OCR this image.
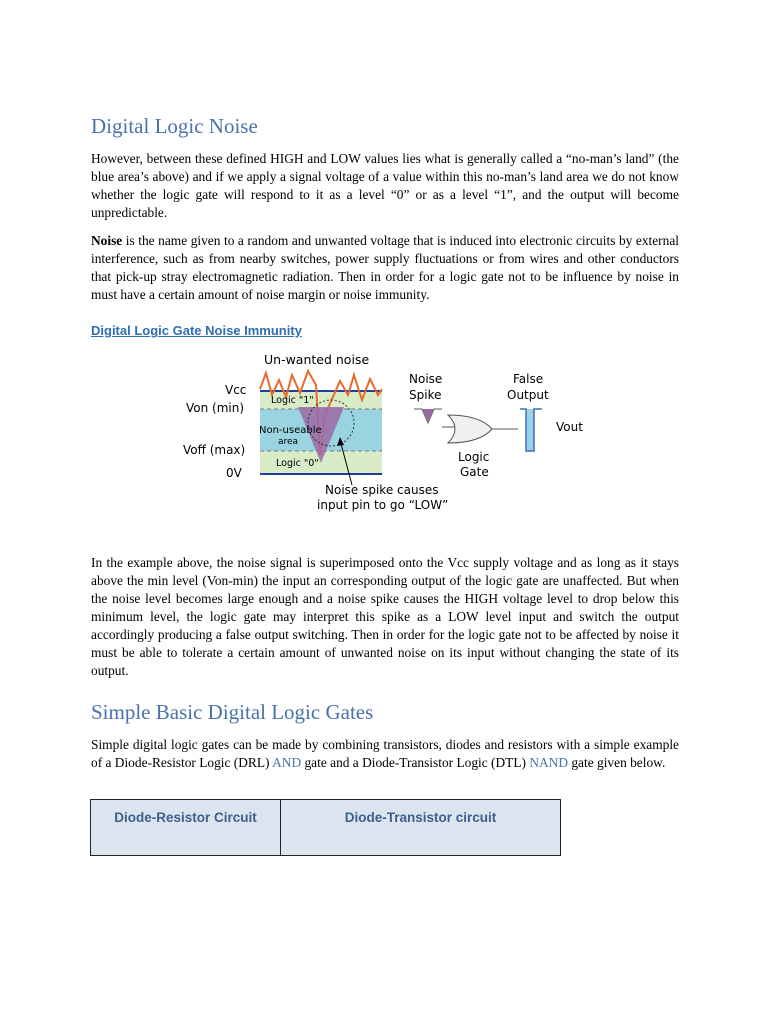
Digital Logic Noise

However, between these defined HIGH and LOW values lies what is generally called a “no-man’s land” (the blue area’s above) and if we apply a signal voltage of a value within this no-man’s land area we do not know whether the logic gate will respond to it as a level “0” or as a level “1”, and the output will become unpredictable.

Noise is the name given to a random and unwanted voltage that is induced into electronic circuits by external interference, such as from nearby switches, power supply fluctuations or from wires and other conductors that pick-up stray electromagnetic radiation. Then in order for a logic gate not to be influence by noise in must have a certain amount of noise margin or noise immunity.

Digital Logic Gate Noise Immunity
Un-wanted noise
Vcc
Von (min)
Voff (max)
0V
Logic "1"
Non-useable
area
Logic "0"
Noise spike causes
input pin to go “LOW”
Noise
Spike
Logic
Gate
False
Output
Vout

In the example above, the noise signal is superimposed onto the Vcc supply voltage and as long as it stays above the min level (Von-min) the input an corresponding output of the logic gate are unaffected. But when the noise level becomes large enough and a noise spike causes the HIGH voltage level to drop below this minimum level, the logic gate may interpret this spike as a LOW level input and switch the output accordingly producing a false output switching. Then in order for the logic gate not to be affected by noise it must be able to tolerate a certain amount of unwanted noise on its input without changing the state of its output.

Simple Basic Digital Logic Gates

Simple digital logic gates can be made by combining transistors, diodes and resistors with a simple example of a Diode-Resistor Logic (DRL) AND gate and a Diode-Transistor Logic (DTL) NAND gate given below.

Diode-Resistor Circuit	Diode-Transistor circuit
